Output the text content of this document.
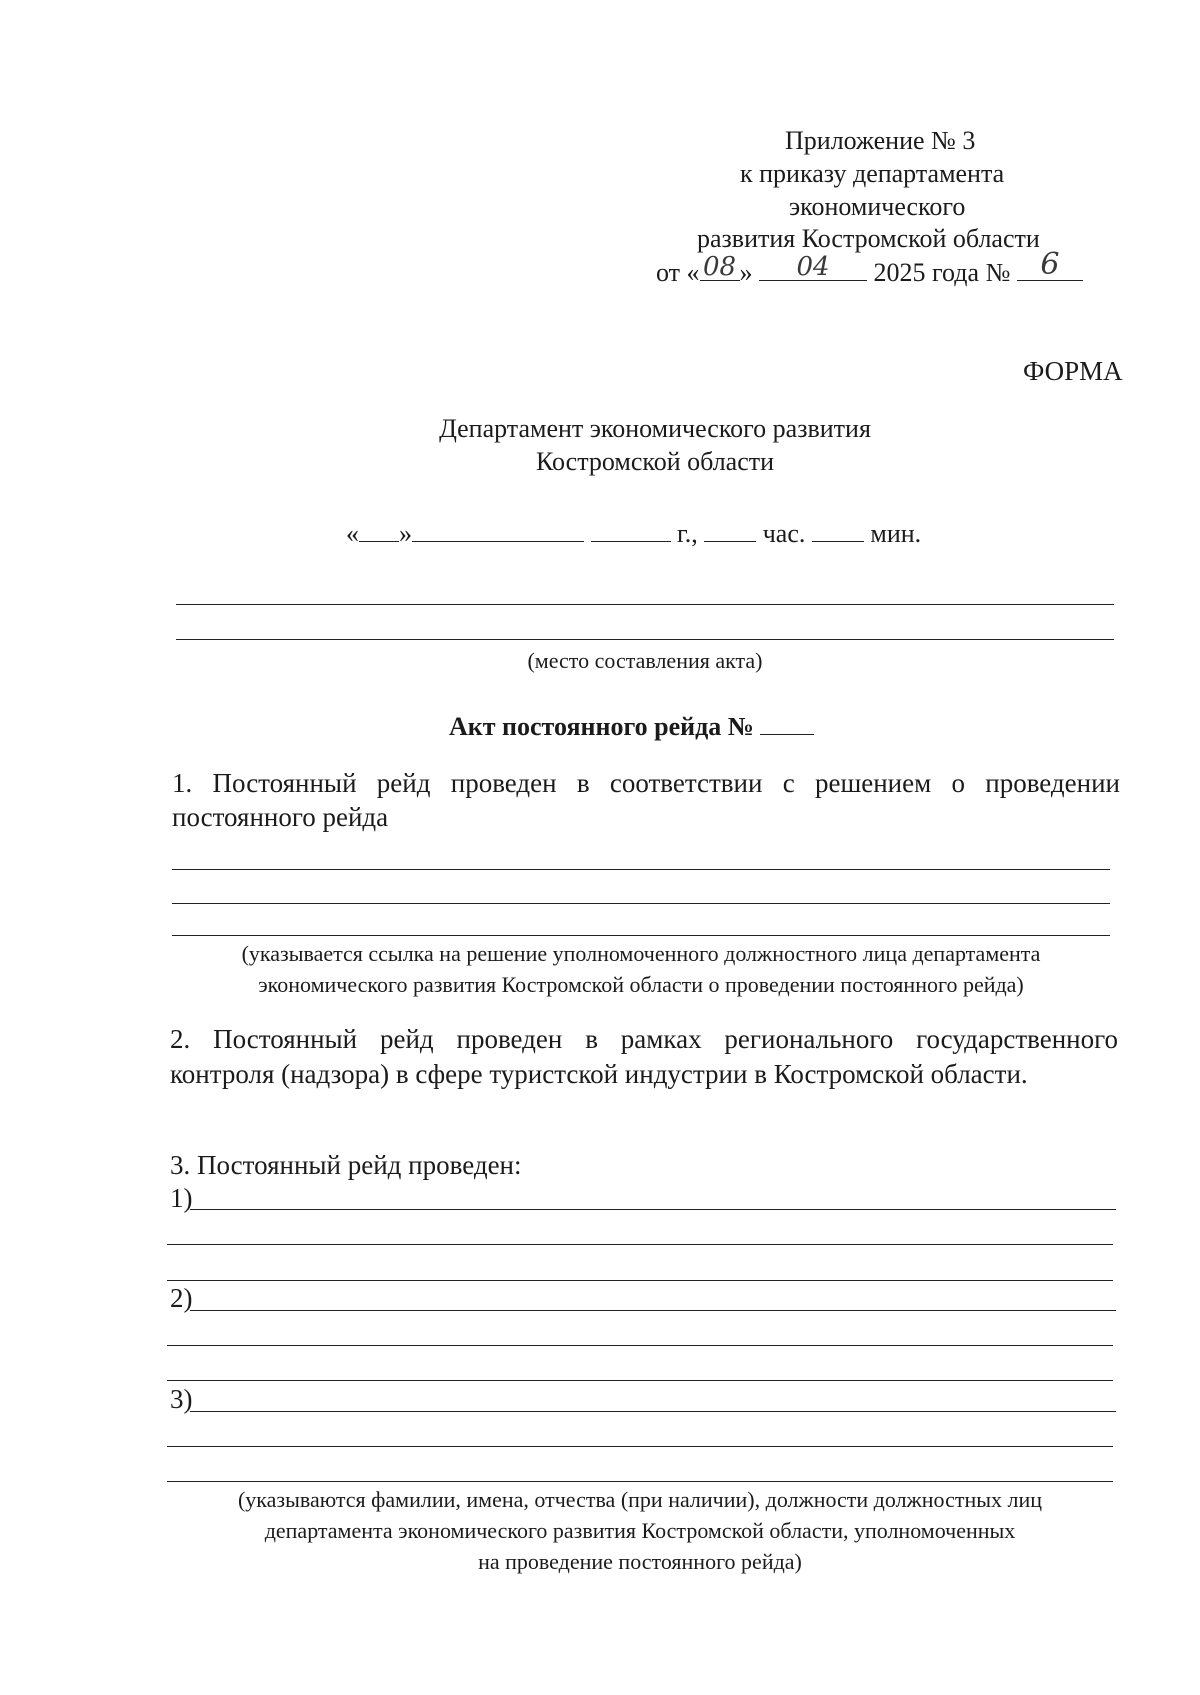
Приложение № 3
к приказу департамента
экономического
развития Костромской области
от « 08 »	04	2025 года № 6
ФОРМА
Департамент экономического развития
Костромской области
« »	г.,	час.	мин.
(место составления акта)
Акт постоянного рейда №
1. Постоянный рейд проведен в соответствии с решением о проведении
постоянного рейда
(указывается ссылка на решение уполномоченного должностного лица департамента
экономического развития Костромской области о проведении постоянного рейда)
2. Постоянный рейд проведен в рамках регионального государственного
контроля (надзора) в сфере туристской индустрии в Костромской области.
3. Постоянный рейд проведен:
1)
2)
3)
(указываются фамилии, имена, отчества (при наличии), должности должностных лиц
департамента экономического развития Костромской области, уполномоченных
на проведение постоянного рейда)
